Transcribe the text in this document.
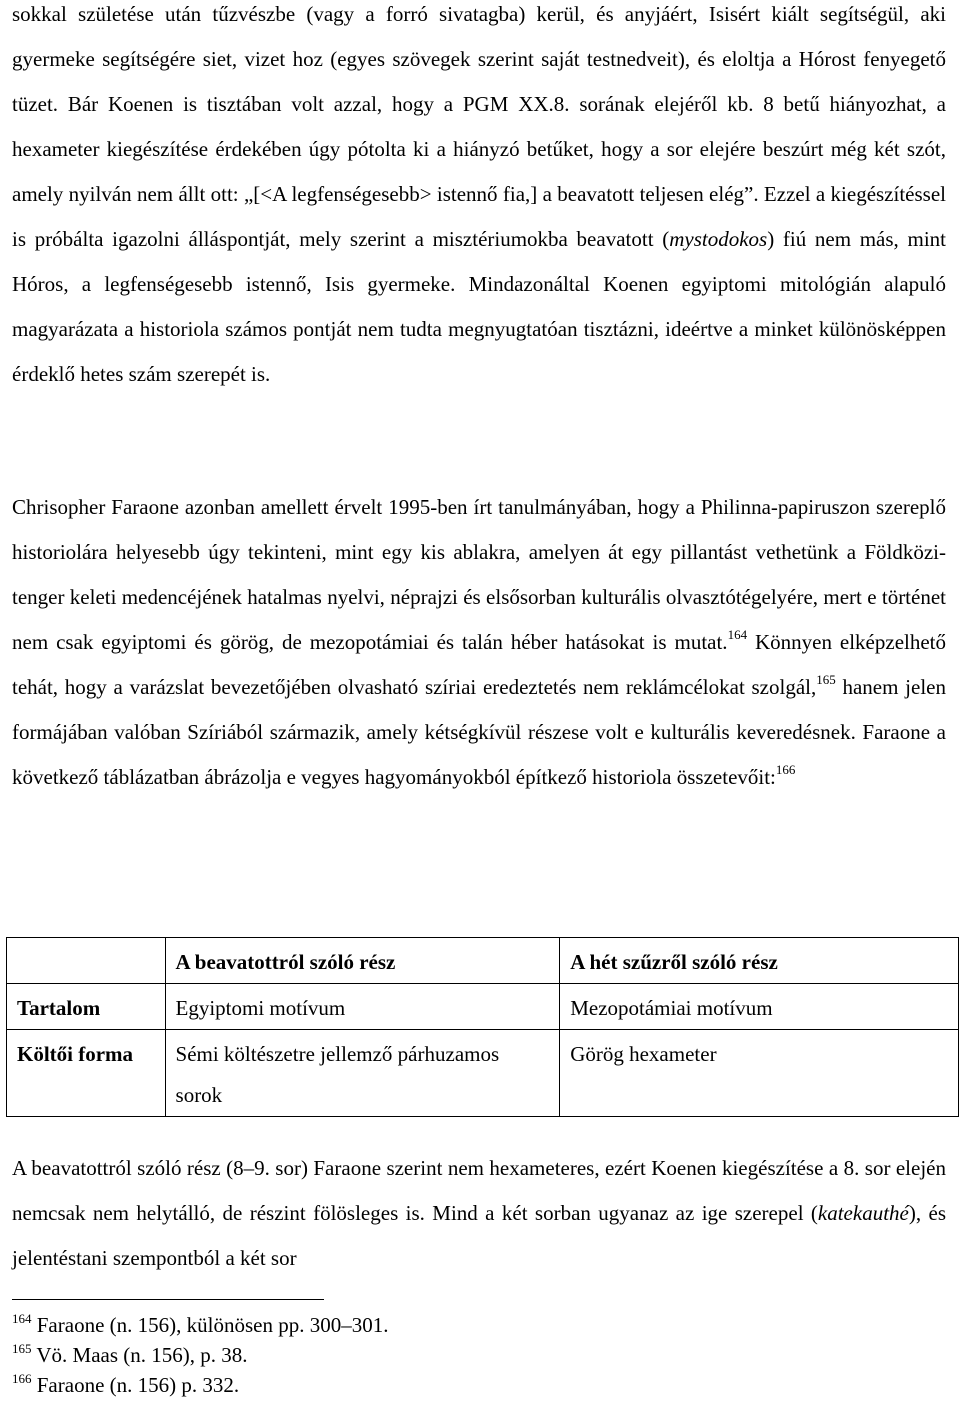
sokkal születése után tűzvészbe (vagy a forró sivatagba) kerül, és anyjáért, Isisért kiált segítségül, aki gyermeke segítségére siet, vizet hoz (egyes szövegek szerint saját testnedveit), és eloltja a Hórost fenyegető tüzet. Bár Koenen is tisztában volt azzal, hogy a PGM XX.8. sorának elejéről kb. 8 betű hiányozhat, a hexameter kiegészítése érdekében úgy pótolta ki a hiányzó betűket, hogy a sor elejére beszúrt még két szót, amely nyilván nem állt ott: „[<A legfenségesebb> istennő fia,] a beavatott teljesen elég”. Ezzel a kiegészítéssel is próbálta igazolni álláspontját, mely szerint a misztériumokba beavatott (mystodokos) fiú nem más, mint Hóros, a legfenségesebb istennő, Isis gyermeke. Mindazonáltal Koenen egyiptomi mitológián alapuló magyarázata a historiola számos pontját nem tudta megnyugtatóan tisztázni, ideértve a minket különösképpen érdeklő hetes szám szerepét is.

Chrisopher Faraone azonban amellett érvelt 1995-ben írt tanulmányában, hogy a Philinna-papiruszon szereplő historiolára helyesebb úgy tekinteni, mint egy kis ablakra, amelyen át egy pillantást vethetünk a Földközi-tenger keleti medencéjének hatalmas nyelvi, néprajzi és elsősorban kulturális olvasztótégelyére, mert e történet nem csak egyiptomi és görög, de mezopotámiai és talán héber hatásokat is mutat.$^{164}$ Könnyen elképzelhető tehát, hogy a varázslat bevezetőjében olvasható szíriai eredeztetés nem reklámcélokat szolgál,$^{165}$ hanem jelen formájában valóban Szíriából származik, amely kétségkívül részese volt e kulturális keveredésnek. Faraone a következő táblázatban ábrázolja e vegyes hagyományokból építkező historiola összetevőit:$^{166}$

	A beavatottról szóló rész	A hét szűzről szóló rész
Tartalom	Egyiptomi motívum	Mezopotámiai motívum
Költői forma	Sémi költészetre jellemző párhuzamos sorok	Görög hexameter

A beavatottról szóló rész (8–9. sor) Faraone szerint nem hexameteres, ezért Koenen kiegészítése a 8. sor elején nemcsak nem helytálló, de részint fölösleges is. Mind a két sorban ugyanaz az ige szerepel (katekauthé), és jelentéstani szempontból a két sor

$^{164}$ Faraone (n. 156), különösen pp. 300–301.
$^{165}$ Vö. Maas (n. 156), p. 38.
$^{166}$ Faraone (n. 156) p. 332.
